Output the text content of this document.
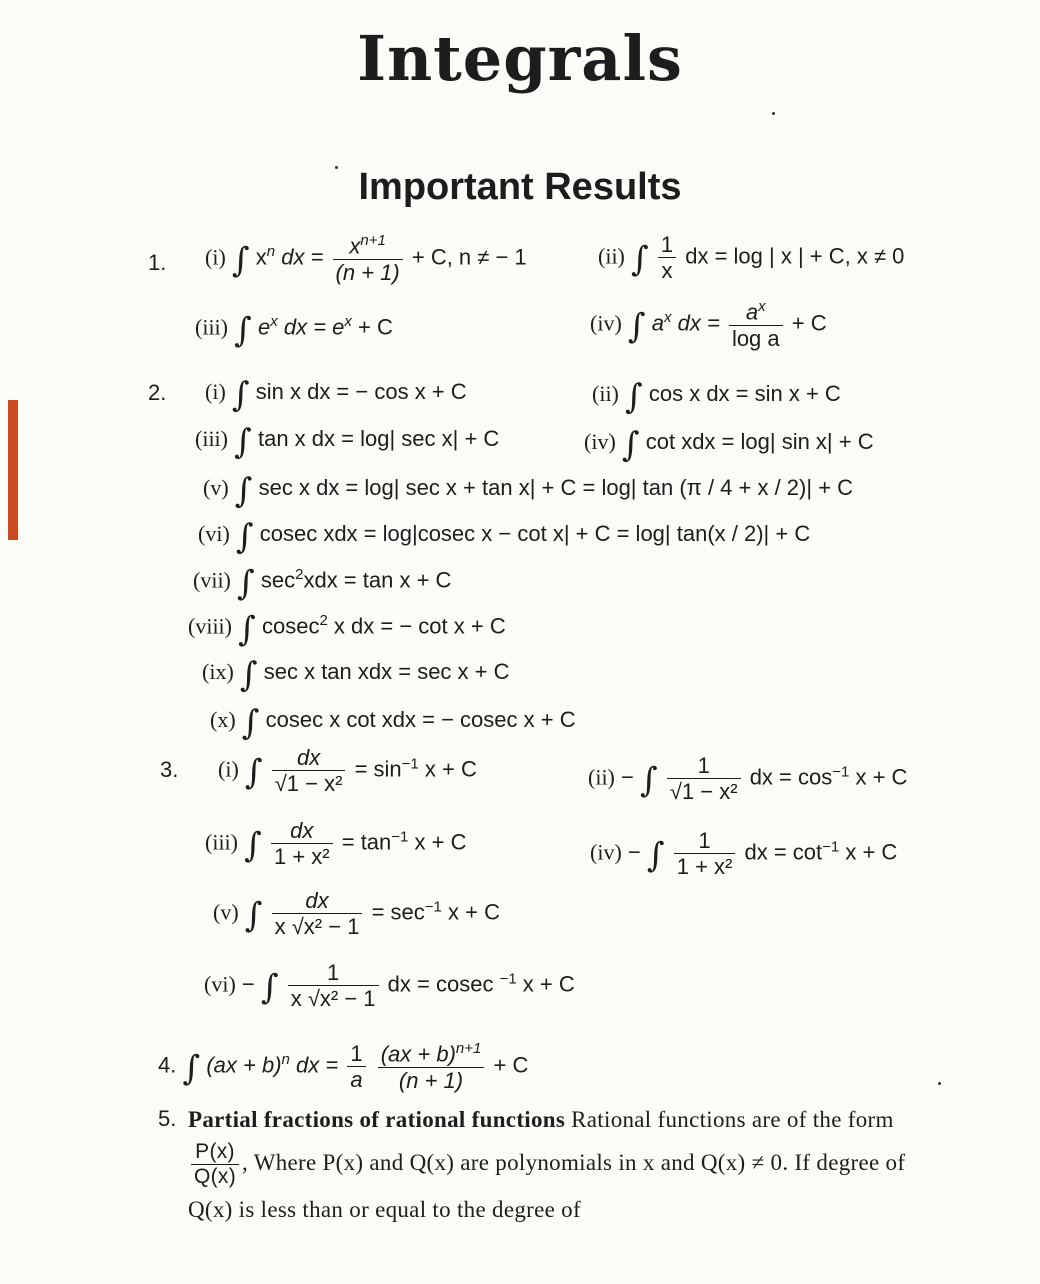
Integrals
Important Results
1. (i) ∫ $x^n$ dx = $\frac{x^{n+1}}{(n + 1)} + C$, n ≠ − 1	(ii) ∫ $\frac{1}{x}$ dx = log | x | + C, x ≠ 0
(iii) ∫ $e^x$ dx = $e^x + C$	(iv) ∫ $a^x$ dx = $\frac{a^x}{\text{log a}} + C$
2. (i) ∫ sin x dx = − cos x + C	(ii) ∫ cos x dx = sin x + C
(iii) ∫ tan x dx = log| sec x| + C	(iv) ∫ cot xdx = log| sin x| + C
(v) ∫ sec x dx = log| sec x + tan x| + C = log| tan (π / 4 + x / 2)| + C
(vi) ∫ cosec xdx = log|cosec x − cot x| + C = log| tan(x / 2)| + C
(vii) ∫ $\sec^2xdx = \tan x + C$
(viii) ∫ cosec$^2$ x dx = − cot x + C
(ix) ∫ sec x tan xdx = sec x + C
(x) ∫ cosec x cot xdx = − cosec x + C
3. (i) ∫ $\frac{dx}{\text{√1 − x²}} = \sin^{-1} x + C$	(ii) − ∫ $\frac{1}{\text{√1 − x²}}$ dx = $\cos^{-1} x + C$
(iii) ∫ $\frac{dx}{\text{1 + x²}} = \tan^{-1} x + C$	(iv) − ∫ $\frac{1}{\text{1 + x²}}$ dx = $\cot^{-1} x + C$
(v) ∫ $\frac{dx}{\text{x √x² − 1}} = \sec^{-1} x + C$
(vi) − ∫ $\frac{1}{\text{x √x² − 1}}$ dx = cosec $^{-1}$ x + C
4. ∫ (ax + b)$^n$ dx = $\frac{1}{a}$
$\frac{(ax + b)^{n+1}}{(n + 1)} + C$
5. Partial fractions of rational functions Rational functions are of the form
$\frac{P(x)}{Q(x)}$ , Where P(x) and Q(x) are polynomials in x and Q(x) ≠ 0. If degree of Q(x) is less than or equal to the degree of
